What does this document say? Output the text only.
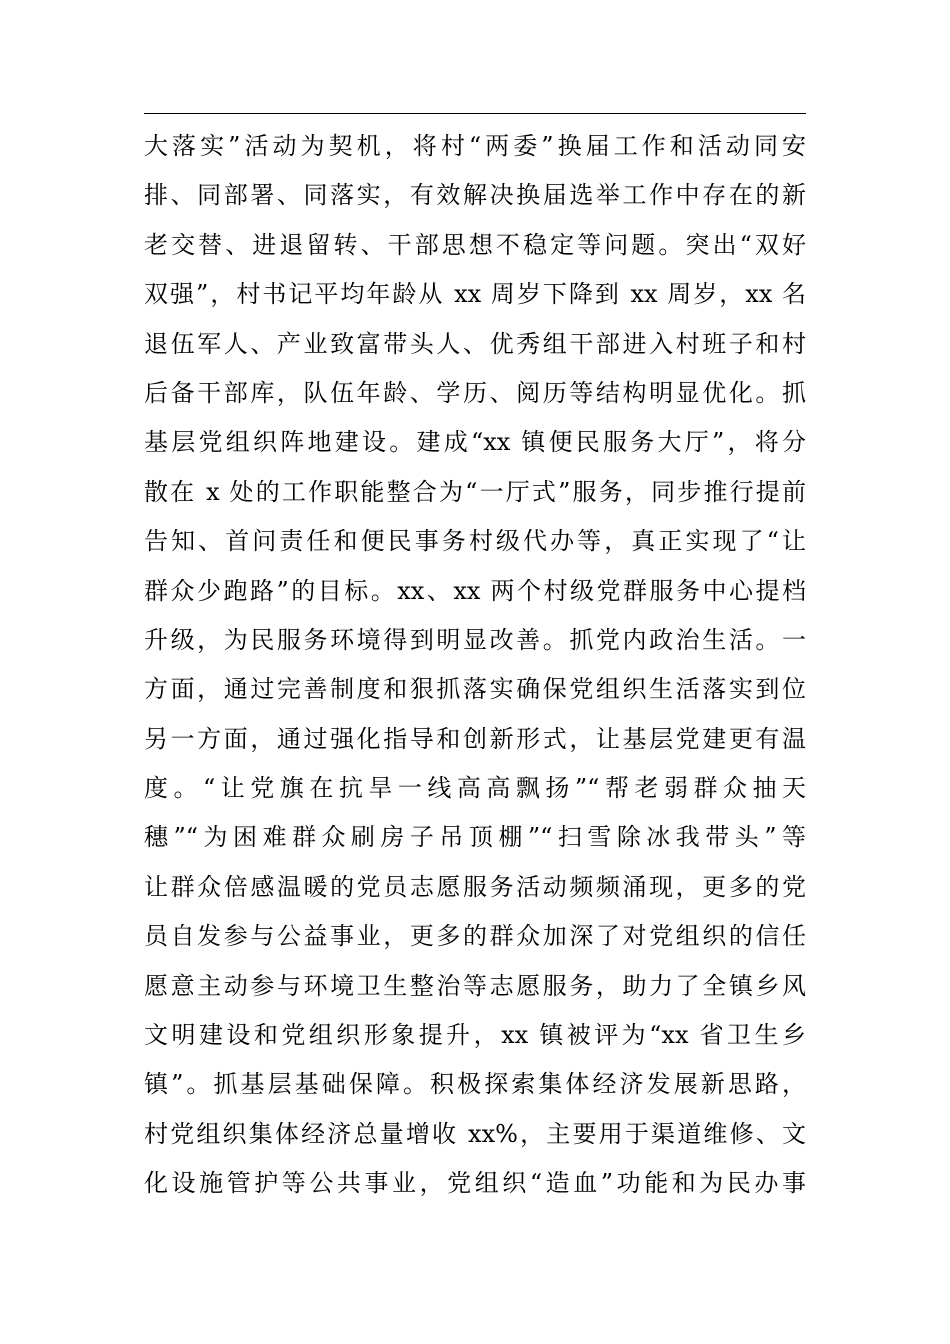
大落实”活动为契机，将村“两委”换届工作和活动同安
排、同部署、同落实，有效解决换届选举工作中存在的新
老交替、进退留转、干部思想不稳定等问题。突出“双好
双强”，村书记平均年龄从 xx 周岁下降到 xx 周岁，xx 名
退伍军人、产业致富带头人、优秀组干部进入村班子和村
后备干部库，队伍年龄、学历、阅历等结构明显优化。抓
基层党组织阵地建设。建成“xx 镇便民服务大厅”，将分
散在 x 处的工作职能整合为“一厅式”服务，同步推行提前
告知、首问责任和便民事务村级代办等，真正实现了“让
群众少跑路”的目标。xx、xx 两个村级党群服务中心提档
升级，为民服务环境得到明显改善。抓党内政治生活。一
方面，通过完善制度和狠抓落实确保党组织生活落实到位
另一方面，通过强化指导和创新形式，让基层党建更有温
度。“让党旗在抗旱一线高高飘扬”“帮老弱群众抽天
穗”“为困难群众刷房子吊顶棚”“扫雪除冰我带头”等
让群众倍感温暖的党员志愿服务活动频频涌现，更多的党
员自发参与公益事业，更多的群众加深了对党组织的信任
愿意主动参与环境卫生整治等志愿服务，助力了全镇乡风
文明建设和党组织形象提升，xx 镇被评为“xx 省卫生乡
镇”。抓基层基础保障。积极探索集体经济发展新思路，
村党组织集体经济总量增收 xx%，主要用于渠道维修、文
化设施管护等公共事业，党组织“造血”功能和为民办事
